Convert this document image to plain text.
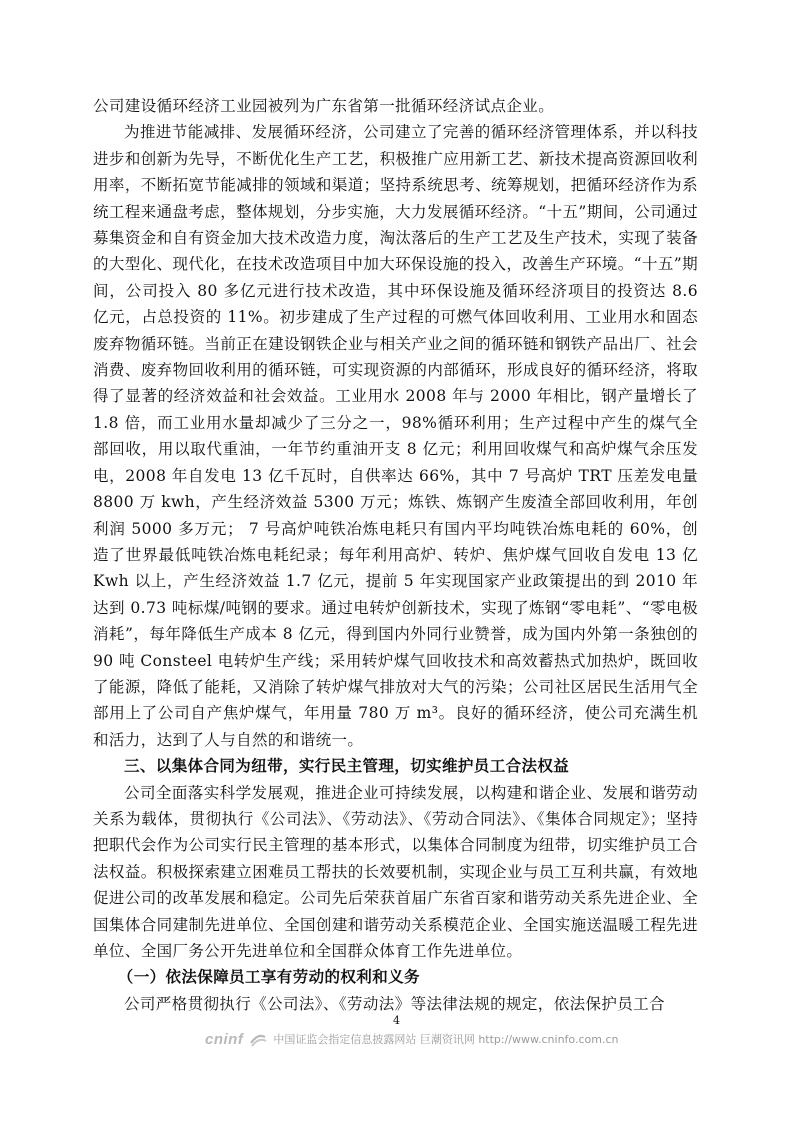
公司建设循环经济工业园被列为广东省第一批循环经济试点企业。

为推进节能减排、发展循环经济，公司建立了完善的循环经济管理体系，并以科技进步和创新为先导，不断优化生产工艺，积极推广应用新工艺、新技术提高资源回收利用率，不断拓宽节能减排的领域和渠道；坚持系统思考、统筹规划，把循环经济作为系统工程来通盘考虑，整体规划，分步实施，大力发展循环经济。“十五”期间，公司通过募集资金和自有资金加大技术改造力度，淘汰落后的生产工艺及生产技术，实现了装备的大型化、现代化，在技术改造项目中加大环保设施的投入，改善生产环境。“十五”期间，公司投入 80 多亿元进行技术改造，其中环保设施及循环经济项目的投资达 8.6 亿元，占总投资的 11%。初步建成了生产过程的可燃气体回收利用、工业用水和固态废弃物循环链。当前正在建设钢铁企业与相关产业之间的循环链和钢铁产品出厂、社会消费、废弃物回收利用的循环链，可实现资源的内部循环，形成良好的循环经济，将取得了显著的经济效益和社会效益。工业用水 2008 年与 2000 年相比，钢产量增长了 1.8 倍，而工业用水量却减少了三分之一，98%循环利用；生产过程中产生的煤气全部回收，用以取代重油，一年节约重油开支 8 亿元；利用回收煤气和高炉煤气余压发电，2008 年自发电 13 亿千瓦时，自供率达 66%，其中 7 号高炉 TRT 压差发电量 8800 万 kwh，产生经济效益 5300 万元；炼铁、炼钢产生废渣全部回收利用，年创利润 5000 多万元； 7 号高炉吨铁冶炼电耗只有国内平均吨铁冶炼电耗的 60%，创造了世界最低吨铁冶炼电耗纪录；每年利用高炉、转炉、焦炉煤气回收自发电 13 亿 Kwh 以上，产生经济效益 1.7 亿元，提前 5 年实现国家产业政策提出的到 2010 年达到 0.73 吨标煤/吨钢的要求。通过电转炉创新技术，实现了炼钢“零电耗”、“零电极消耗”，每年降低生产成本 8 亿元，得到国内外同行业赞誉，成为国内外第一条独创的 90 吨 Consteel 电转炉生产线；采用转炉煤气回收技术和高效蓄热式加热炉，既回收了能源，降低了能耗，又消除了转炉煤气排放对大气的污染；公司社区居民生活用气全部用上了公司自产焦炉煤气，年用量 780 万 m³。良好的循环经济，使公司充满生机和活力，达到了人与自然的和谐统一。

三、以集体合同为纽带，实行民主管理，切实维护员工合法权益

公司全面落实科学发展观，推进企业可持续发展，以构建和谐企业、发展和谐劳动关系为载体，贯彻执行《公司法》、《劳动法》、《劳动合同法》、《集体合同规定》；坚持把职代会作为公司实行民主管理的基本形式，以集体合同制度为纽带，切实维护员工合法权益。积极探索建立困难员工帮扶的长效要机制，实现企业与员工互利共赢，有效地促进公司的改革发展和稳定。公司先后荣获首届广东省百家和谐劳动关系先进企业、全国集体合同建制先进单位、全国创建和谐劳动关系模范企业、全国实施送温暖工程先进单位、全国厂务公开先进单位和全国群众体育工作先进单位。

（一）依法保障员工享有劳动的权利和义务

公司严格贯彻执行《公司法》、《劳动法》等法律法规的规定，依法保护员工合

4
cninf	中国证监会指定信息披露网站 巨潮资讯网 http://www.cninfo.com.cn
